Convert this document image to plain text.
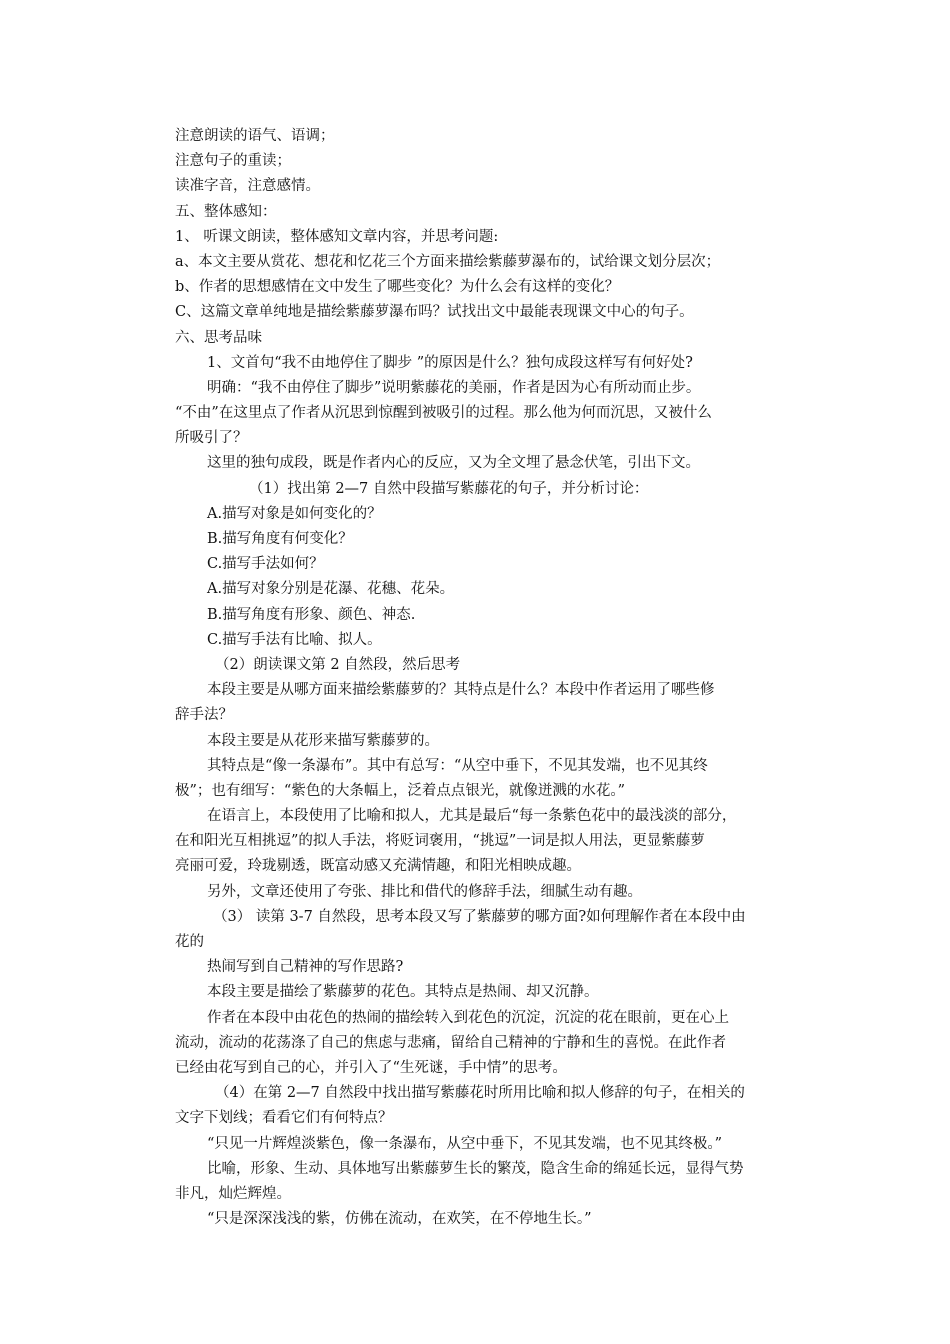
注意朗读的语气、语调；
注意句子的重读；
读准字音，注意感情。
五、整体感知：
1、 听课文朗读，整体感知文章内容，并思考问题:
a、本文主要从赏花、想花和忆花三个方面来描绘紫藤萝瀑布的，试给课文划分层次；
b、作者的思想感情在文中发生了哪些变化？为什么会有这样的变化？
C、这篇文章单纯地是描绘紫藤萝瀑布吗？试找出文中最能表现课文中心的句子。
六、思考品味
1、文首句“我不由地停住了脚步 ”的原因是什么？独句成段这样写有何好处?
明确：“我不由停住了脚步”说明紫藤花的美丽，作者是因为心有所动而止步。
“不由”在这里点了作者从沉思到惊醒到被吸引的过程。那么他为何而沉思，又被什么
所吸引了？
这里的独句成段，既是作者内心的反应，又为全文埋了悬念伏笔，引出下文。
（1）找出第 2—7 自然中段描写紫藤花的句子，并分析讨论：
A.描写对象是如何变化的？
B.描写角度有何变化？
C.描写手法如何？
A.描写对象分别是花瀑、花穗、花朵。
B.描写角度有形象、颜色、神态.
C.描写手法有比喻、拟人。
（2）朗读课文第 2 自然段，然后思考
本段主要是从哪方面来描绘紫藤萝的？其特点是什么？本段中作者运用了哪些修
辞手法？
本段主要是从花形来描写紫藤萝的。
其特点是“像一条瀑布”。其中有总写：“从空中垂下，不见其发端，也不见其终
极”；也有细写：“紫色的大条幅上，泛着点点银光，就像迸溅的水花。”
在语言上，本段使用了比喻和拟人，尤其是最后“每一条紫色花中的最浅淡的部分，
在和阳光互相挑逗”的拟人手法，将贬词褒用，“挑逗”一词是拟人用法，更显紫藤萝
亮丽可爱，玲珑剔透，既富动感又充满情趣，和阳光相映成趣。
另外，文章还使用了夸张、排比和借代的修辞手法，细腻生动有趣。
（3） 读第 3-7 自然段，思考本段又写了紫藤萝的哪方面?如何理解作者在本段中由
花的
热闹写到自己精神的写作思路?
本段主要是描绘了紫藤萝的花色。其特点是热闹、却又沉静。
作者在本段中由花色的热闹的描绘转入到花色的沉淀，沉淀的花在眼前，更在心上
流动，流动的花荡涤了自己的焦虑与悲痛，留给自己精神的宁静和生的喜悦。在此作者
已经由花写到自己的心，并引入了“生死谜，手中情”的思考。
（4）在第 2—7 自然段中找出描写紫藤花时所用比喻和拟人修辞的句子，在相关的
文字下划线；看看它们有何特点？
“只见一片辉煌淡紫色，像一条瀑布，从空中垂下，不见其发端，也不见其终极。”
比喻，形象、生动、具体地写出紫藤萝生长的繁茂，隐含生命的绵延长远，显得气势
非凡，灿烂辉煌。
“只是深深浅浅的紫，仿佛在流动，在欢笑，在不停地生长。”
